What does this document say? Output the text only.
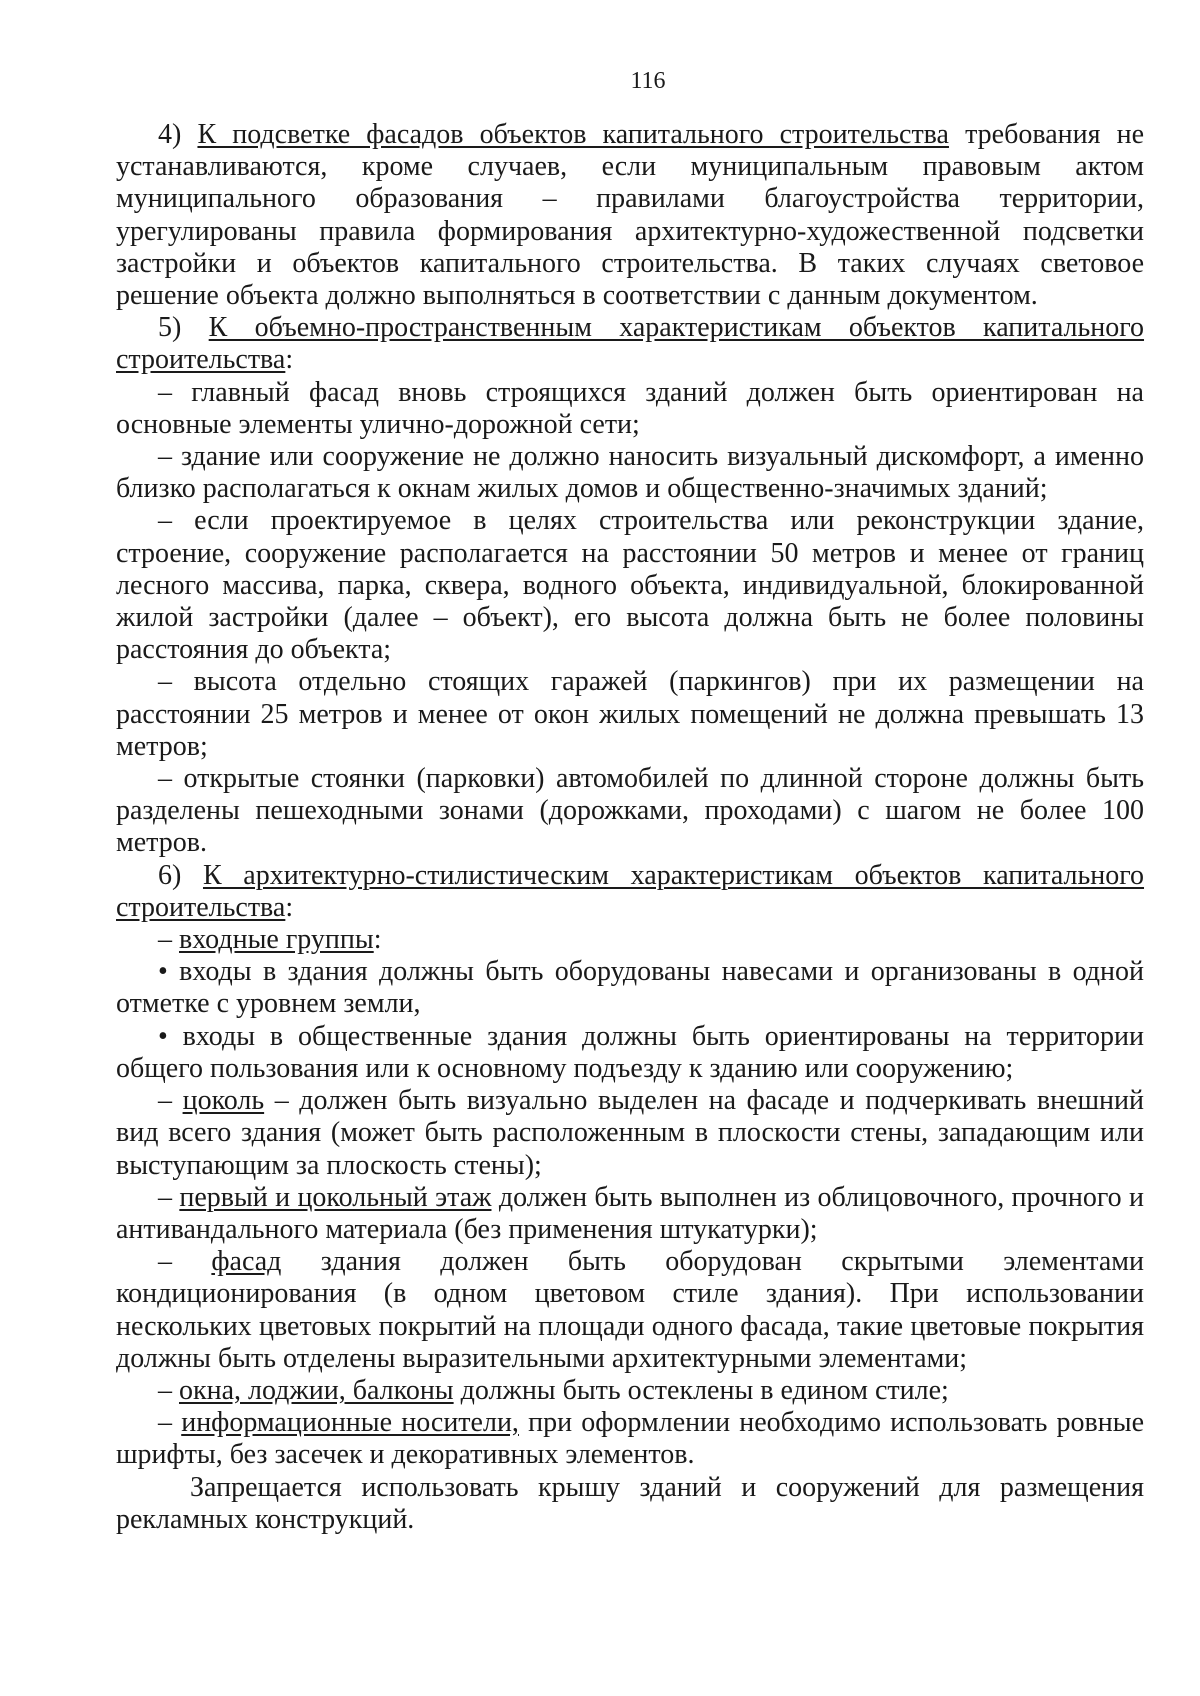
116

4) К подсветке фасадов объектов капитального строительства требования не устанавливаются, кроме случаев, если муниципальным правовым актом муниципального образования – правилами благоустройства территории, урегулированы правила формирования архитектурно-художественной подсветки застройки и объектов капитального строительства. В таких случаях световое решение объекта должно выполняться в соответствии с данным документом.

5) К объемно-пространственным характеристикам объектов капитального строительства:

– главный фасад вновь строящихся зданий должен быть ориентирован на основные элементы улично-дорожной сети;

– здание или сооружение не должно наносить визуальный дискомфорт, а именно близко располагаться к окнам жилых домов и общественно-значимых зданий;

– если проектируемое в целях строительства или реконструкции здание, строение, сооружение располагается на расстоянии 50 метров и менее от границ лесного массива, парка, сквера, водного объекта, индивидуальной, блокированной жилой застройки (далее – объект), его высота должна быть не более половины расстояния до объекта;

– высота отдельно стоящих гаражей (паркингов) при их размещении на расстоянии 25 метров и менее от окон жилых помещений не должна превышать 13 метров;

– открытые стоянки (парковки) автомобилей по длинной стороне должны быть разделены пешеходными зонами (дорожками, проходами) с шагом не более 100 метров.

6) К архитектурно-стилистическим характеристикам объектов капитального строительства:

– входные группы:

• входы в здания должны быть оборудованы навесами и организованы в одной отметке с уровнем земли,

• входы в общественные здания должны быть ориентированы на территории общего пользования или к основному подъезду к зданию или сооружению;

– цоколь – должен быть визуально выделен на фасаде и подчеркивать внешний вид всего здания (может быть расположенным в плоскости стены, западающим или выступающим за плоскость стены);

– первый и цокольный этаж должен быть выполнен из облицовочного, прочного и антивандального материала (без применения штукатурки);

– фасад здания должен быть оборудован скрытыми элементами кондиционирования (в одном цветовом стиле здания). При использовании нескольких цветовых покрытий на площади одного фасада, такие цветовые покрытия должны быть отделены выразительными архитектурными элементами;

– окна, лоджии, балконы должны быть остеклены в едином стиле;

– информационные носители, при оформлении необходимо использовать ровные шрифты, без засечек и декоративных элементов.

Запрещается использовать крышу зданий и сооружений для размещения рекламных конструкций.
